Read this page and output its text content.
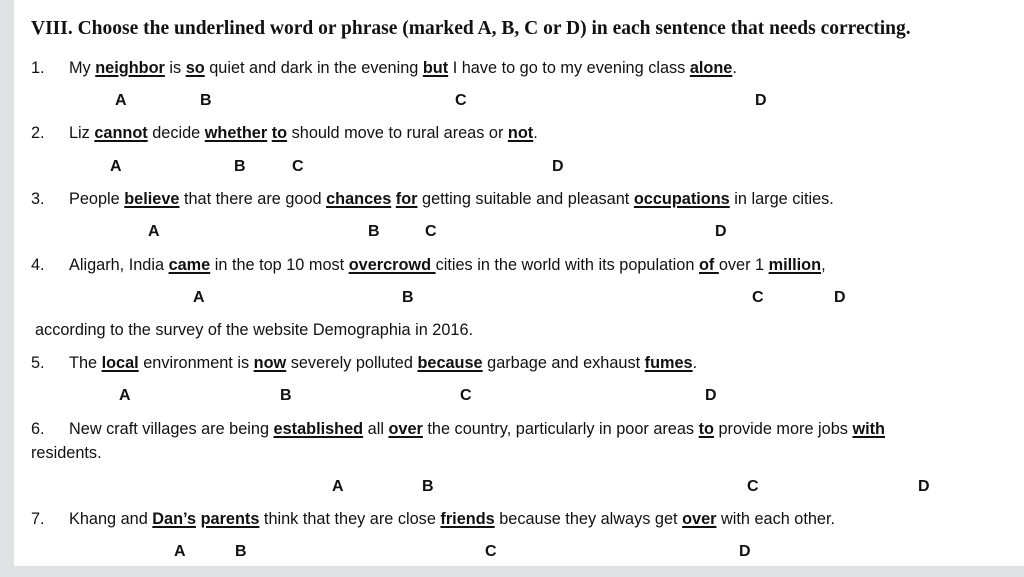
VIII. Choose the underlined word or phrase (marked A, B, C or D) in each sentence that needs correcting.
1. My neighbor is so quiet and dark in the evening but I have to go to my evening class alone.
A	B	C	D
2. Liz cannot decide whether to should move to rural areas or not.
A	B	C	D
3. People believe that there are good chances for getting suitable and pleasant occupations in large cities.
A	B	C	D
4. Aligarh, India came in the top 10 most overcrowd cities in the world with its population of over 1 million,
A	B	C	D
according to the survey of the website Demographia in 2016.
5. The local environment is now severely polluted because garbage and exhaust fumes.
A	B	C	D
6. New craft villages are being established all over the country, particularly in poor areas to provide more jobs with
residents.
A	B	C	D
7. Khang and Dan’s parents think that they are close friends because they always get over with each other.
A	B	C	D
